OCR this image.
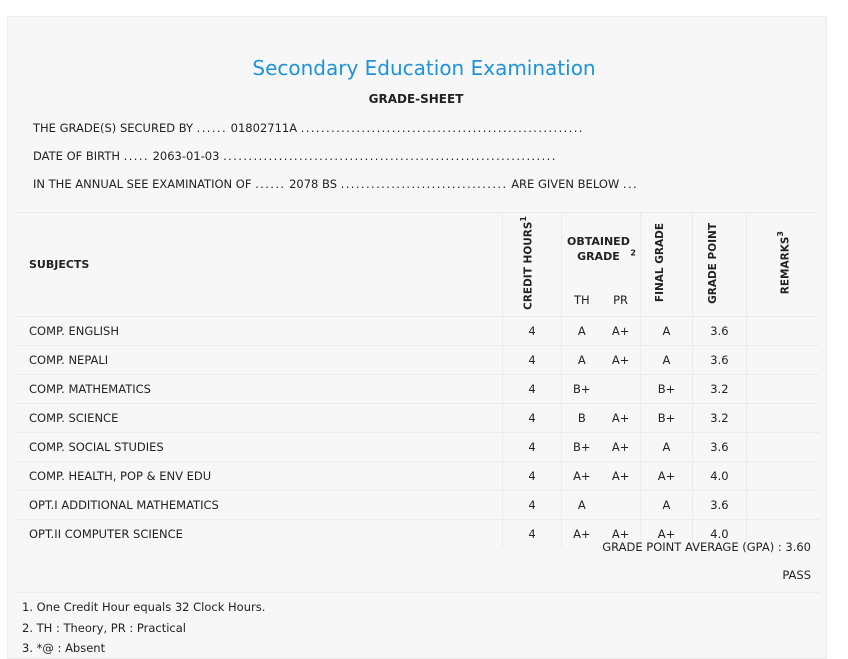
Secondary Education Examination
GRADE-SHEET
THE GRADE(S) SECURED BY ...... 01802711A ........................................................
DATE OF BIRTH ..... 2063-01-03 ..................................................................
IN THE ANNUAL SEE EXAMINATION OF ...... 2078 BS ................................. ARE GIVEN BELOW ...
SUBJECTS	CREDIT HOURS$^1$	OBTAINED GRADE $^2$		FINAL GRADE	GRADE POINT	REMARKS$^3$
		TH	PR			
COMP. ENGLISH	4	A	A+	A	3.6	
COMP. NEPALI	4	A	A+	A	3.6	
COMP. MATHEMATICS	4	B+		B+	3.2	
COMP. SCIENCE	4	B	A+	B+	3.2	
COMP. SOCIAL STUDIES	4	B+	A+	A	3.6	
COMP. HEALTH, POP & ENV EDU	4	A+	A+	A+	4.0	
OPT.I ADDITIONAL MATHEMATICS	4	A		A	3.6	
OPT.II COMPUTER SCIENCE	4	A+	A+	A+	4.0	
GRADE POINT AVERAGE (GPA) : 3.60
PASS
1. One Credit Hour equals 32 Clock Hours.
2. TH : Theory, PR : Practical
3. *@ : Absent
